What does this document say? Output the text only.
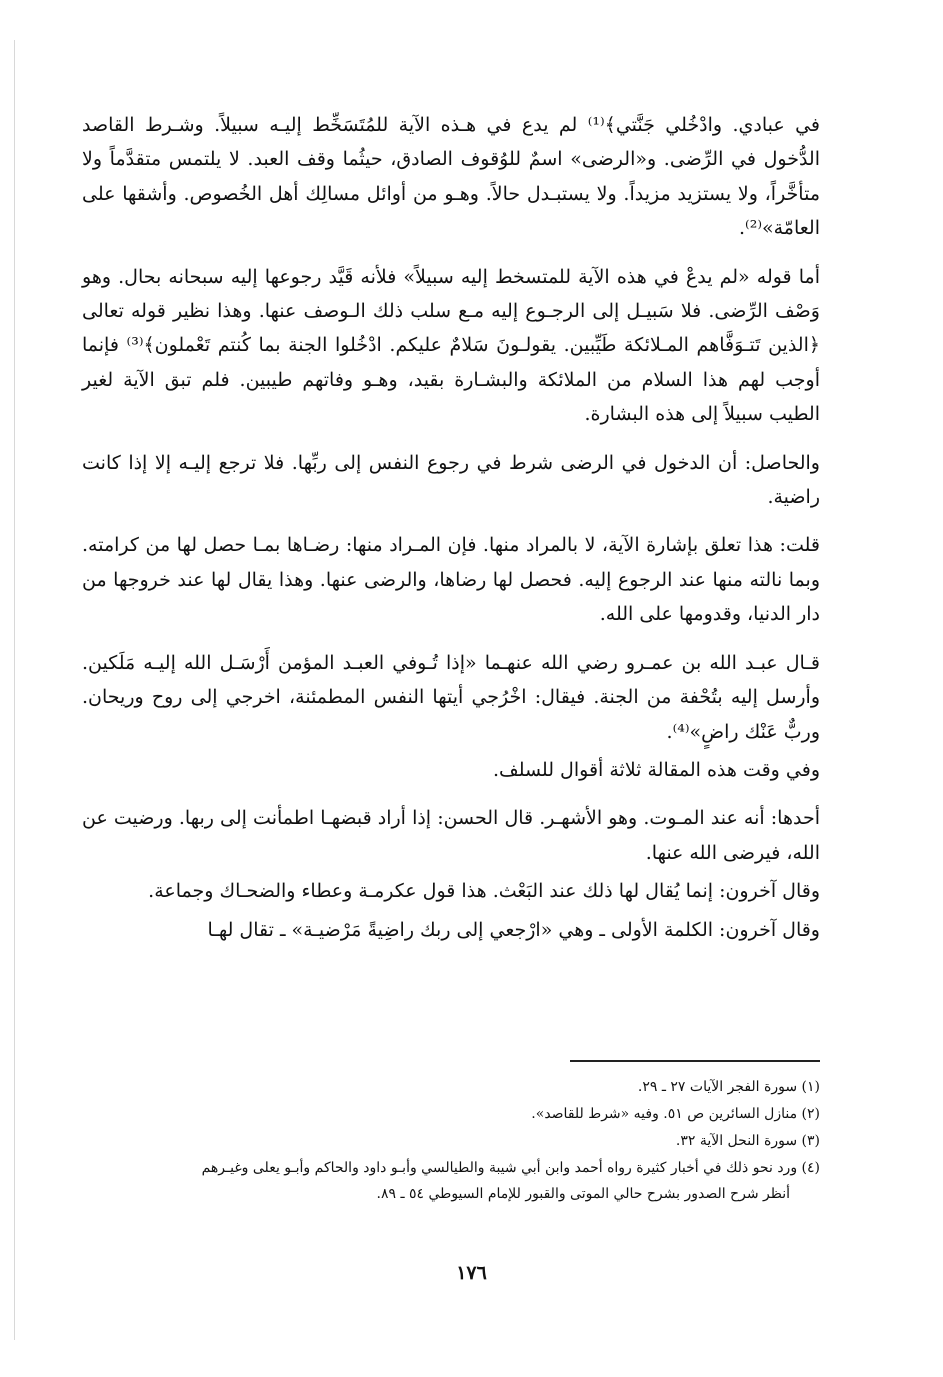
في عبادي. وادْخُلي جَنَّتي﴾⁽¹⁾ لم يدع في هـذه الآية للمُتَسَخِّط إليـه سبيلاً. وشـرط القاصد الدُّخول في الرِّضى. و«الرضى» اسمٌ للوُقوف الصادق، حيثُما وقف العبد. لا يلتمس متقدَّماً ولا متأخَّراً، ولا يستزيد مزيداً. ولا يستبـدل حالاً. وهـو من أوائل مسالِك أهل الخُصوص. وأشقها على العامّة»⁽²⁾.

أما قوله «لم يدعْ في هذه الآية للمتسخط إليه سبيلاً» فلأنه قَيَّد رجوعها إليه سبحانه بحال. وهو وَصْف الرِّضى. فلا سَبيـل إلى الرجـوع إليه مـع سلب ذلك الـوصف عنها. وهذا نظير قوله تعالى ﴿الذين تَتـوَفَّاهم المـلائكة طَيِّبين. يقولـونَ سَلامٌ عليكم. ادْخُلوا الجنة بما كُنتم تَعْملون﴾⁽³⁾ فإنما أوجب لهم هذا السلام من الملائكة والبشـارة بقيد، وهـو وفاتهم طيبين. فلم تبق الآية لغير الطيب سبيلاً إلى هذه البشارة.

والحاصل: أن الدخول في الرضى شرط في رجوع النفس إلى ربِّها. فلا ترجع إليـه إلا إذا كانت راضية.

قلت: هذا تعلق بإشارة الآية، لا بالمراد منها. فإن المـراد منها: رضـاها بمـا حصل لها من كرامته. وبما نالته منها عند الرجوع إليه. فحصل لها رضاها، والرضى عنها. وهذا يقال لها عند خروجها من دار الدنيا، وقدومها على الله.

قـال عبـد الله بن عمـرو رضي الله عنهـما «إذا تُـوفي العبـد المؤمن أَرْسَـل الله إليـه مَلَكين. وأرسل إليه بتُحْفة من الجنة. فيقال: اخْرُجي أيتها النفس المطمئنة، اخرجي إلى روح وريحان. وربٌّ عَنْك راضٍ»⁽⁴⁾.

وفي وقت هذه المقالة ثلاثة أقوال للسلف.

أحدها: أنه عند المـوت. وهو الأشهـر. قال الحسن: إذا أراد قبضهـا اطمأنت إلى ربها. ورضيت عن الله، فيرضى الله عنها.

وقال آخرون: إنما يُقال لها ذلك عند البَعْث. هذا قول عكرمـة وعطاء والضحـاك وجماعة.

وقال آخرون: الكلمة الأولى ـ وهي «ارْجعي إلى ربك راضِيةً مَرْضيـة» ـ تقال لهـا

(١) سورة الفجر الآيات ٢٧ ـ ٢٩.

(٢) منازل السائرين ص ٥١. وفيه «شرط للقاصد».

(٣) سورة النحل الآية ٣٢.

(٤) ورد نحو ذلك في أخبار كثيرة رواه أحمد وابن أبي شيبة والطيالسي وأبـو داود والحاكم وأبـو يعلى وغيـرهم

أنظر شرح الصدور بشرح حالي الموتى والقبور للإمام السيوطي ٥٤ ـ ٨٩.

١٧٦
